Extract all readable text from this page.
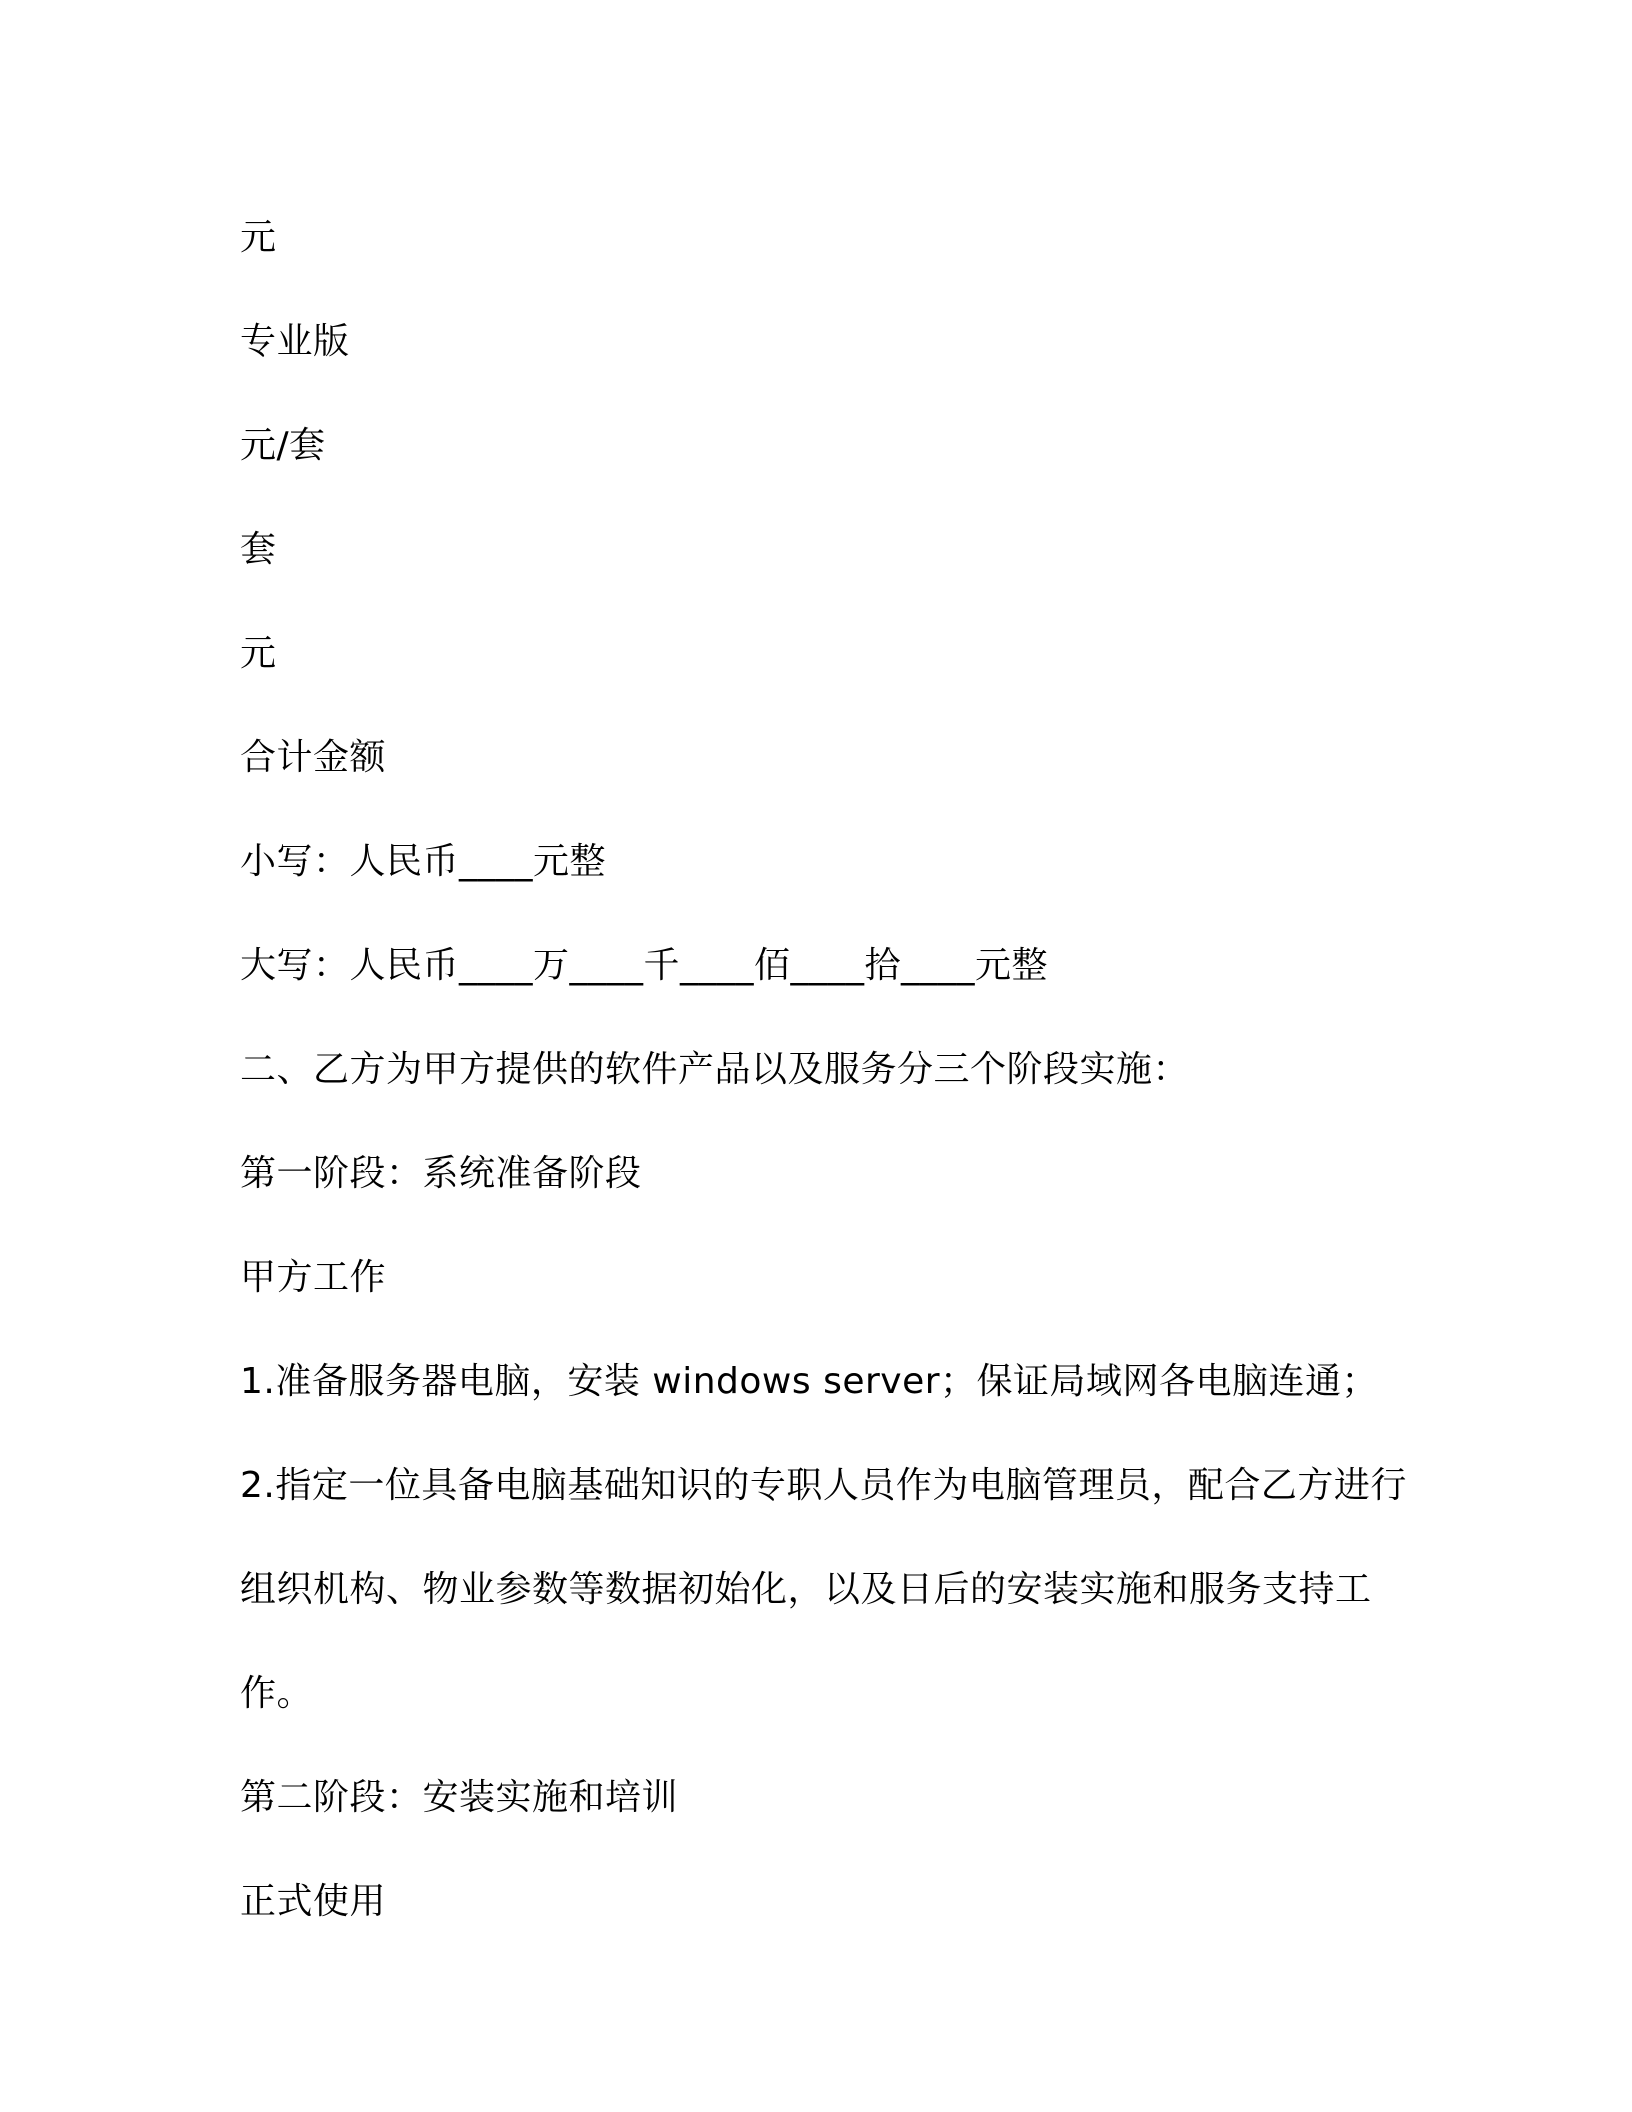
元

专业版

元/套

套

元

合计金额

小写：人民币____元整

大写：人民币____万____千____佰____拾____元整

二、乙方为甲方提供的软件产品以及服务分三个阶段实施：

第一阶段：系统准备阶段

甲方工作

1.准备服务器电脑，安装 windows server；保证局域网各电脑连通；

2.指定一位具备电脑基础知识的专职人员作为电脑管理员，配合乙方进行组织机构、物业参数等数据初始化，以及日后的安装实施和服务支持工作。

第二阶段：安装实施和培训

正式使用
